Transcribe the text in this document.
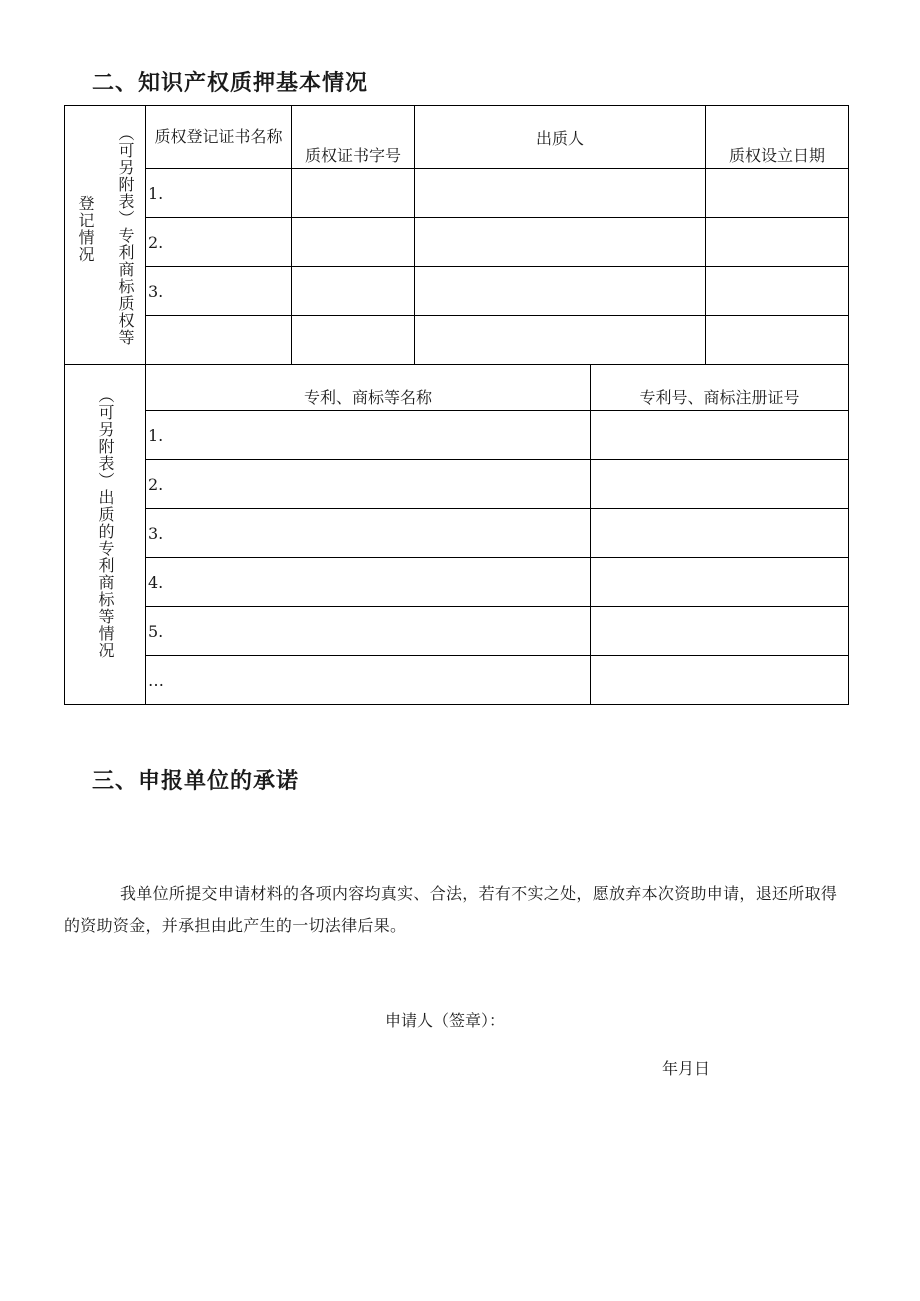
二、知识产权质押基本情况
（可另附表）专利商标质权等
登记情况	质权登记证书名称	质权证书字号	出质人	质权设立日期
	1.			
	2.			
	3.			

（可另附表）出质的专利商标等情况	专利、商标等名称	专利号、商标注册证号
	1.	
	2.	
	3.	
	4.	
	5.	
	…	
三、申报单位的承诺
我单位所提交申请材料的各项内容均真实、合法，若有不实之处，愿放弃本次资助申请，退还所取得的资助资金，并承担由此产生的一切法律后果。
申请人（签章）：
年月日
